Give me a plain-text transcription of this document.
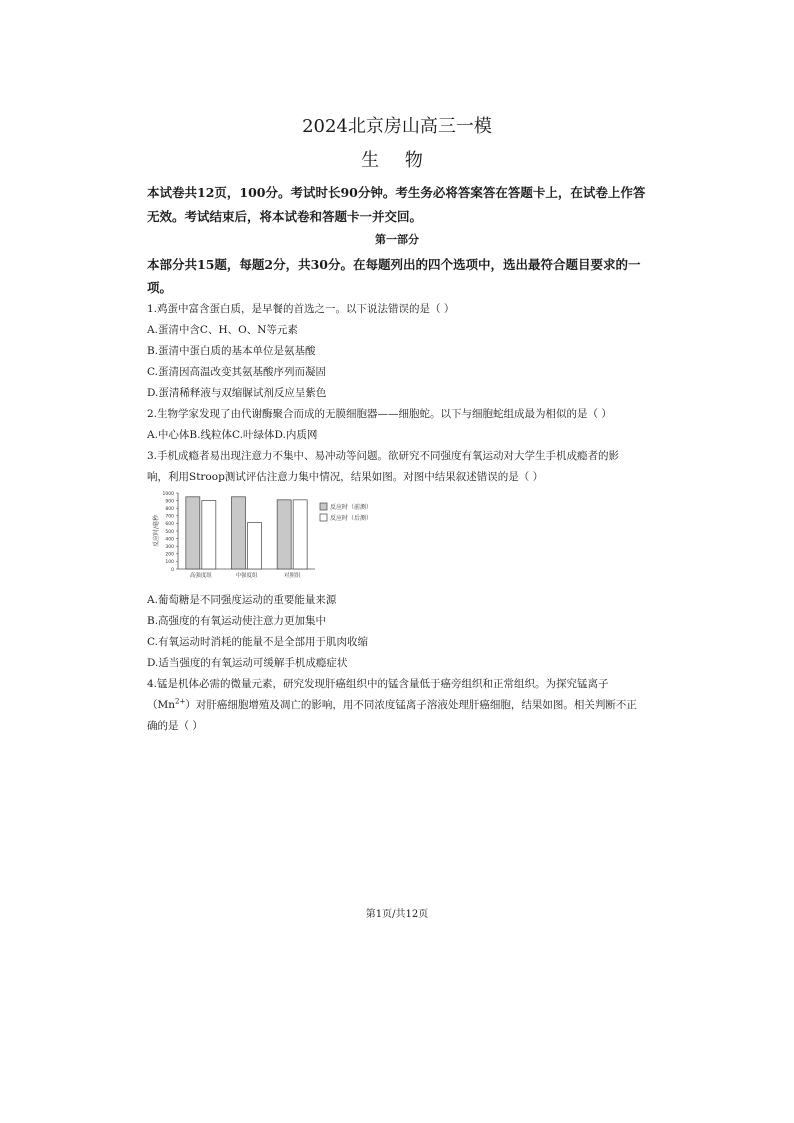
2024北京房山高三一模
生 物
本试卷共12页，100分。考试时长90分钟。考生务必将答案答在答题卡上，在试卷上作答
无效。考试结束后，将本试卷和答题卡一并交回。
第一部分
本部分共15题，每题2分，共30分。在每题列出的四个选项中，选出最符合题目要求的一
项。
1.鸡蛋中富含蛋白质，是早餐的首选之一。以下说法错误的是（ ）
A.蛋清中含C、H、O、N等元素
B.蛋清中蛋白质的基本单位是氨基酸
C.蛋清因高温改变其氨基酸序列而凝固
D.蛋清稀释液与双缩脲试剂反应呈紫色
2.生物学家发现了由代谢酶聚合而成的无膜细胞器——细胞蛇。以下与细胞蛇组成最为相似的是（ ）
A.中心体B.线粒体C.叶绿体D.内质网
3.手机成瘾者易出现注意力不集中、易冲动等问题。欲研究不同强度有氧运动对大学生手机成瘾者的影
响，利用Stroop测试评估注意力集中情况，结果如图。对图中结果叙述错误的是（ ）
0
100
200
300
400
500
600
700
800
900
1000
反应时/毫秒
高强度组	中强度组	对照组
反应时（前测）
反应时（后测）
A.葡萄糖是不同强度运动的重要能量来源
B.高强度的有氧运动使注意力更加集中
C.有氧运动时消耗的能量不是全部用于肌肉收缩
D.适当强度的有氧运动可缓解手机成瘾症状
4.锰是机体必需的微量元素，研究发现肝癌组织中的锰含量低于癌旁组织和正常组织。为探究锰离子
$(Mn^{2+})$对肝癌细胞增殖及凋亡的影响，用不同浓度锰离子溶液处理肝癌细胞，结果如图。相关判断不正
确的是（ ）
第1页/共12页
